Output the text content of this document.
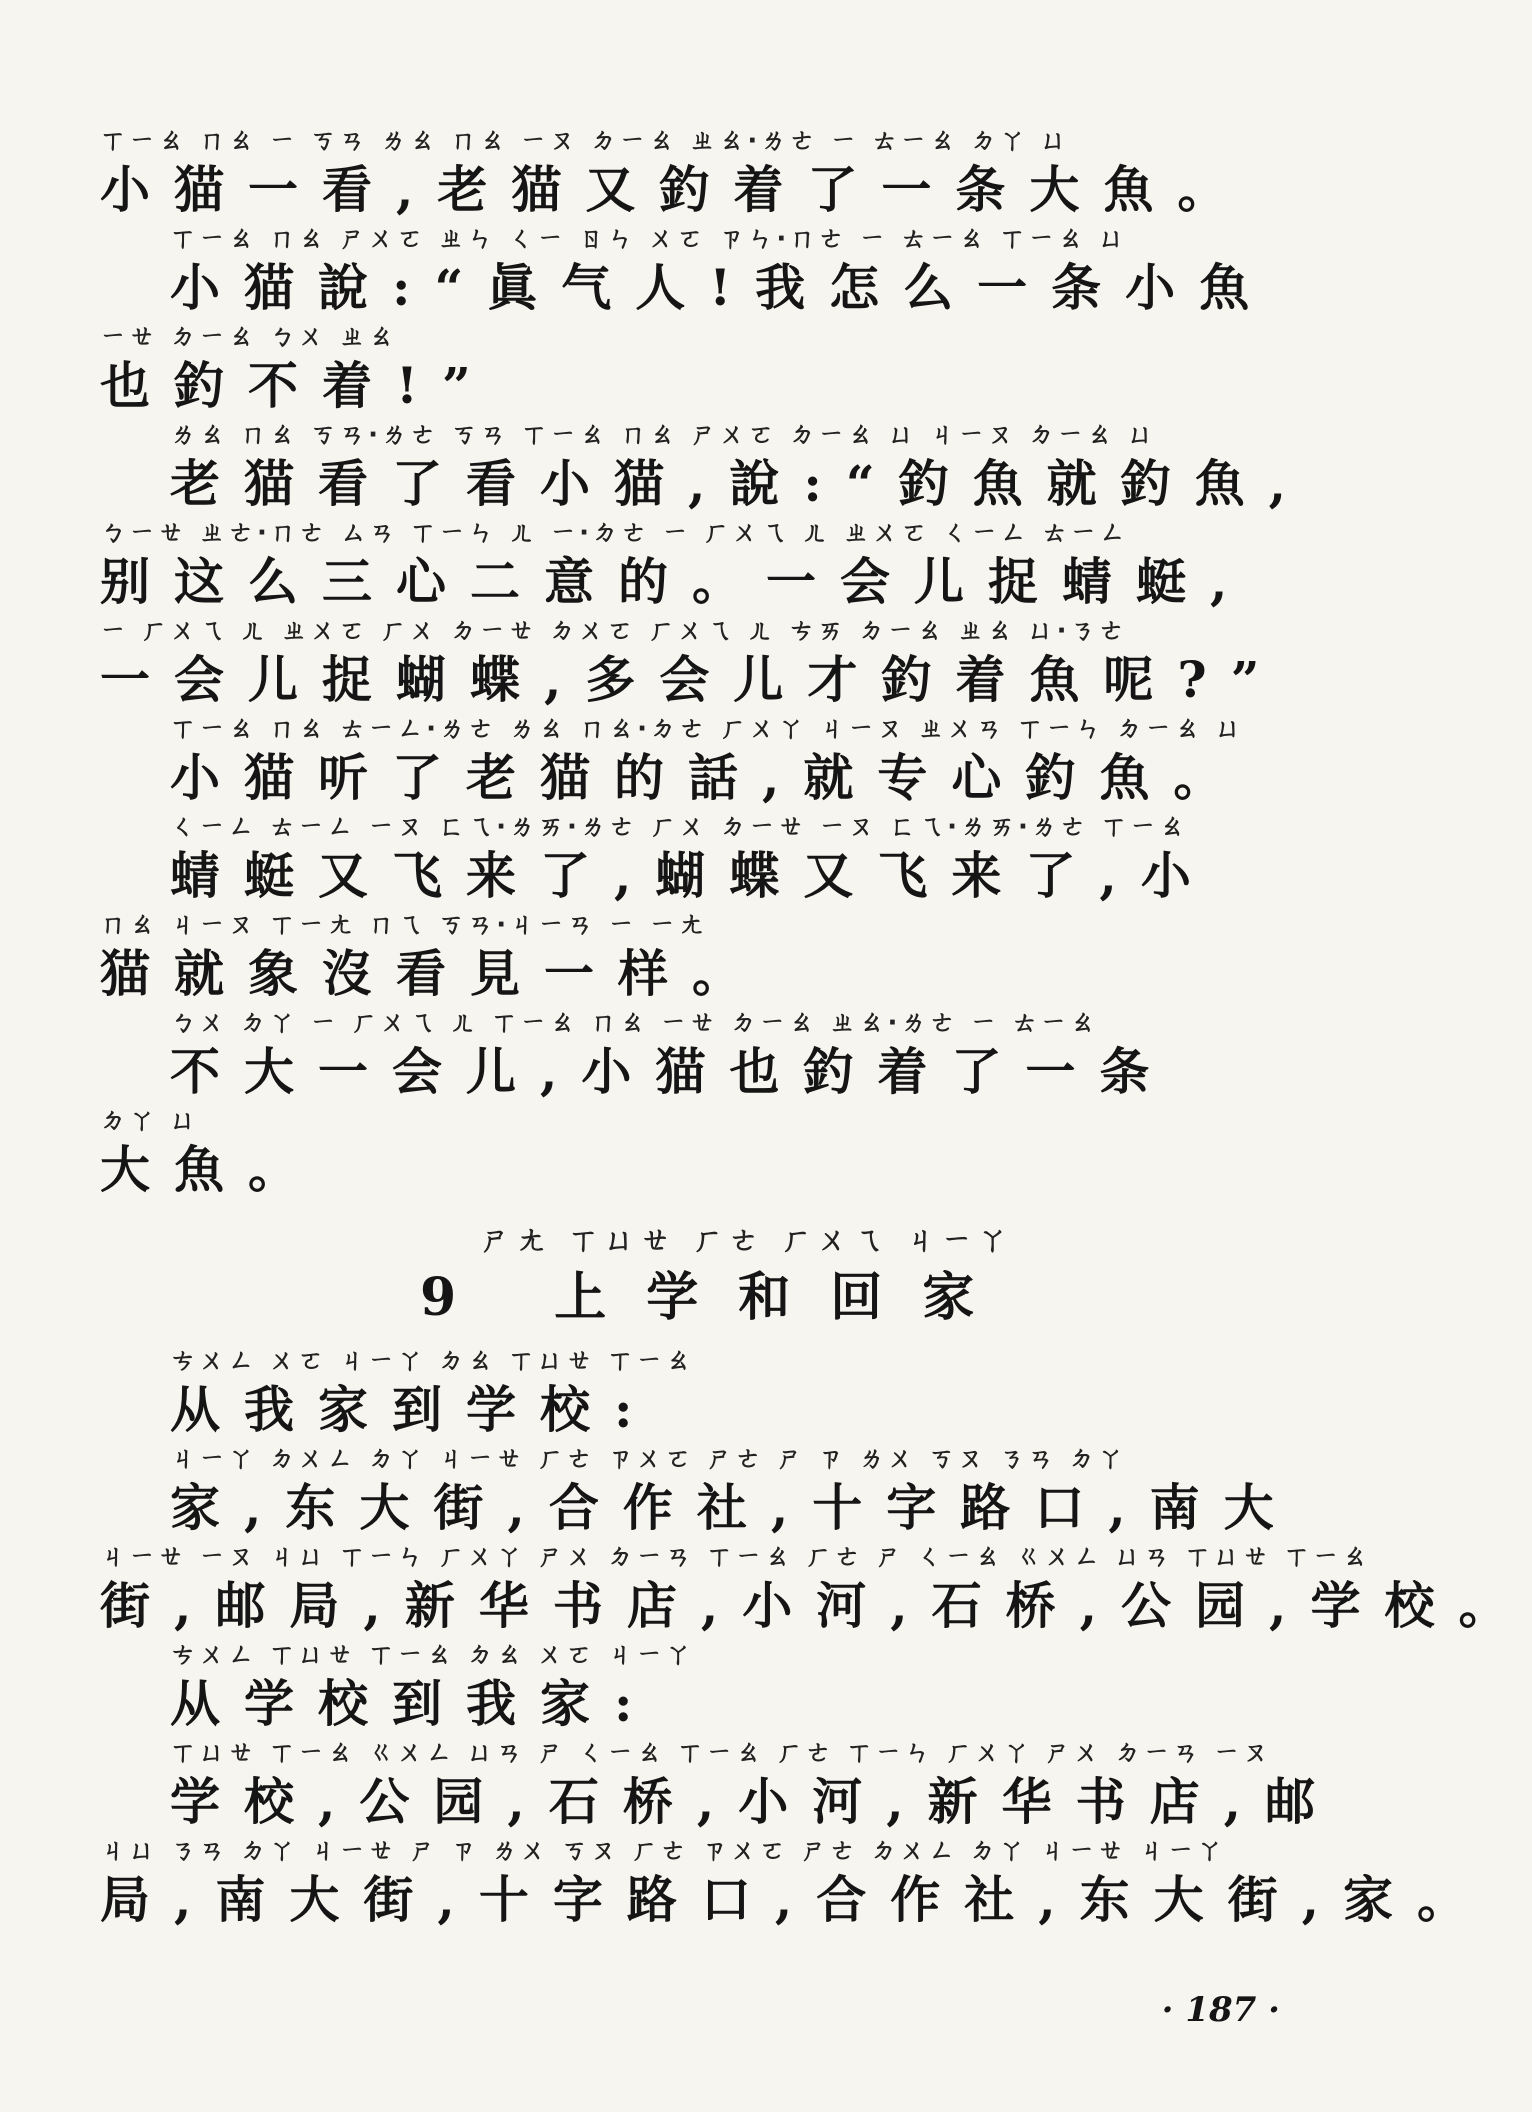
ㄒㄧㄠ ㄇㄠ ㄧ ㄎㄢ ㄌㄠ ㄇㄠ ㄧㄡ ㄉㄧㄠ ㄓㄠ·ㄌㄜ ㄧ ㄊㄧㄠ ㄉㄚ ㄩ
小猫一看,老猫又釣着了一条大魚。
ㄒㄧㄠ ㄇㄠ ㄕㄨㄛ ㄓㄣ ㄑㄧ ㄖㄣ ㄨㄛ ㄗㄣ·ㄇㄜ ㄧ ㄊㄧㄠ ㄒㄧㄠ ㄩ
小猫說:“眞气人!我怎么一条小魚
ㄧㄝ ㄉㄧㄠ ㄅㄨ ㄓㄠ
也釣不着!”
ㄌㄠ ㄇㄠ ㄎㄢ·ㄌㄜ ㄎㄢ ㄒㄧㄠ ㄇㄠ ㄕㄨㄛ ㄉㄧㄠ ㄩ ㄐㄧㄡ ㄉㄧㄠ ㄩ
老猫看了看小猫,說:“釣魚就釣魚,
ㄅㄧㄝ ㄓㄜ·ㄇㄜ ㄙㄢ ㄒㄧㄣ ㄦ ㄧ·ㄉㄜ ㄧ ㄏㄨㄟ ㄦ ㄓㄨㄛ ㄑㄧㄥ ㄊㄧㄥ
别这么三心二意的。一会儿捉蜻蜓,
ㄧ ㄏㄨㄟ ㄦ ㄓㄨㄛ ㄏㄨ ㄉㄧㄝ ㄉㄨㄛ ㄏㄨㄟ ㄦ ㄘㄞ ㄉㄧㄠ ㄓㄠ ㄩ·ㄋㄜ
一会儿捉蝴蝶,多会儿才釣着魚呢?”
ㄒㄧㄠ ㄇㄠ ㄊㄧㄥ·ㄌㄜ ㄌㄠ ㄇㄠ·ㄉㄜ ㄏㄨㄚ ㄐㄧㄡ ㄓㄨㄢ ㄒㄧㄣ ㄉㄧㄠ ㄩ
小猫听了老猫的話,就专心釣魚。
ㄑㄧㄥ ㄊㄧㄥ ㄧㄡ ㄈㄟ·ㄌㄞ·ㄌㄜ ㄏㄨ ㄉㄧㄝ ㄧㄡ ㄈㄟ·ㄌㄞ·ㄌㄜ ㄒㄧㄠ
蜻蜓又飞来了,蝴蝶又飞来了,小
ㄇㄠ ㄐㄧㄡ ㄒㄧㄤ ㄇㄟ ㄎㄢ·ㄐㄧㄢ ㄧ ㄧㄤ
猫就象沒看見一样。
ㄅㄨ ㄉㄚ ㄧ ㄏㄨㄟ ㄦ ㄒㄧㄠ ㄇㄠ ㄧㄝ ㄉㄧㄠ ㄓㄠ·ㄌㄜ ㄧ ㄊㄧㄠ
不大一会儿,小猫也釣着了一条
ㄉㄚ ㄩ
大魚。
ㄕㄤ ㄒㄩㄝ ㄏㄜ ㄏㄨㄟ ㄐㄧㄚ
9 上学和回家
ㄘㄨㄥ ㄨㄛ ㄐㄧㄚ ㄉㄠ ㄒㄩㄝ ㄒㄧㄠ
从我家到学校:
ㄐㄧㄚ ㄉㄨㄥ ㄉㄚ ㄐㄧㄝ ㄏㄜ ㄗㄨㄛ ㄕㄜ ㄕ ㄗ ㄌㄨ ㄎㄡ ㄋㄢ ㄉㄚ
家,东大街,合作社,十字路口,南大
ㄐㄧㄝ ㄧㄡ ㄐㄩ ㄒㄧㄣ ㄏㄨㄚ ㄕㄨ ㄉㄧㄢ ㄒㄧㄠ ㄏㄜ ㄕ ㄑㄧㄠ ㄍㄨㄥ ㄩㄢ ㄒㄩㄝ ㄒㄧㄠ
街,邮局,新华书店,小河,石桥,公园,学校。
ㄘㄨㄥ ㄒㄩㄝ ㄒㄧㄠ ㄉㄠ ㄨㄛ ㄐㄧㄚ
从学校到我家:
ㄒㄩㄝ ㄒㄧㄠ ㄍㄨㄥ ㄩㄢ ㄕ ㄑㄧㄠ ㄒㄧㄠ ㄏㄜ ㄒㄧㄣ ㄏㄨㄚ ㄕㄨ ㄉㄧㄢ ㄧㄡ
学校,公园,石桥,小河,新华书店,邮
ㄐㄩ ㄋㄢ ㄉㄚ ㄐㄧㄝ ㄕ ㄗ ㄌㄨ ㄎㄡ ㄏㄜ ㄗㄨㄛ ㄕㄜ ㄉㄨㄥ ㄉㄚ ㄐㄧㄝ ㄐㄧㄚ
局,南大街,十字路口,合作社,东大街,家。
· 187 ·
